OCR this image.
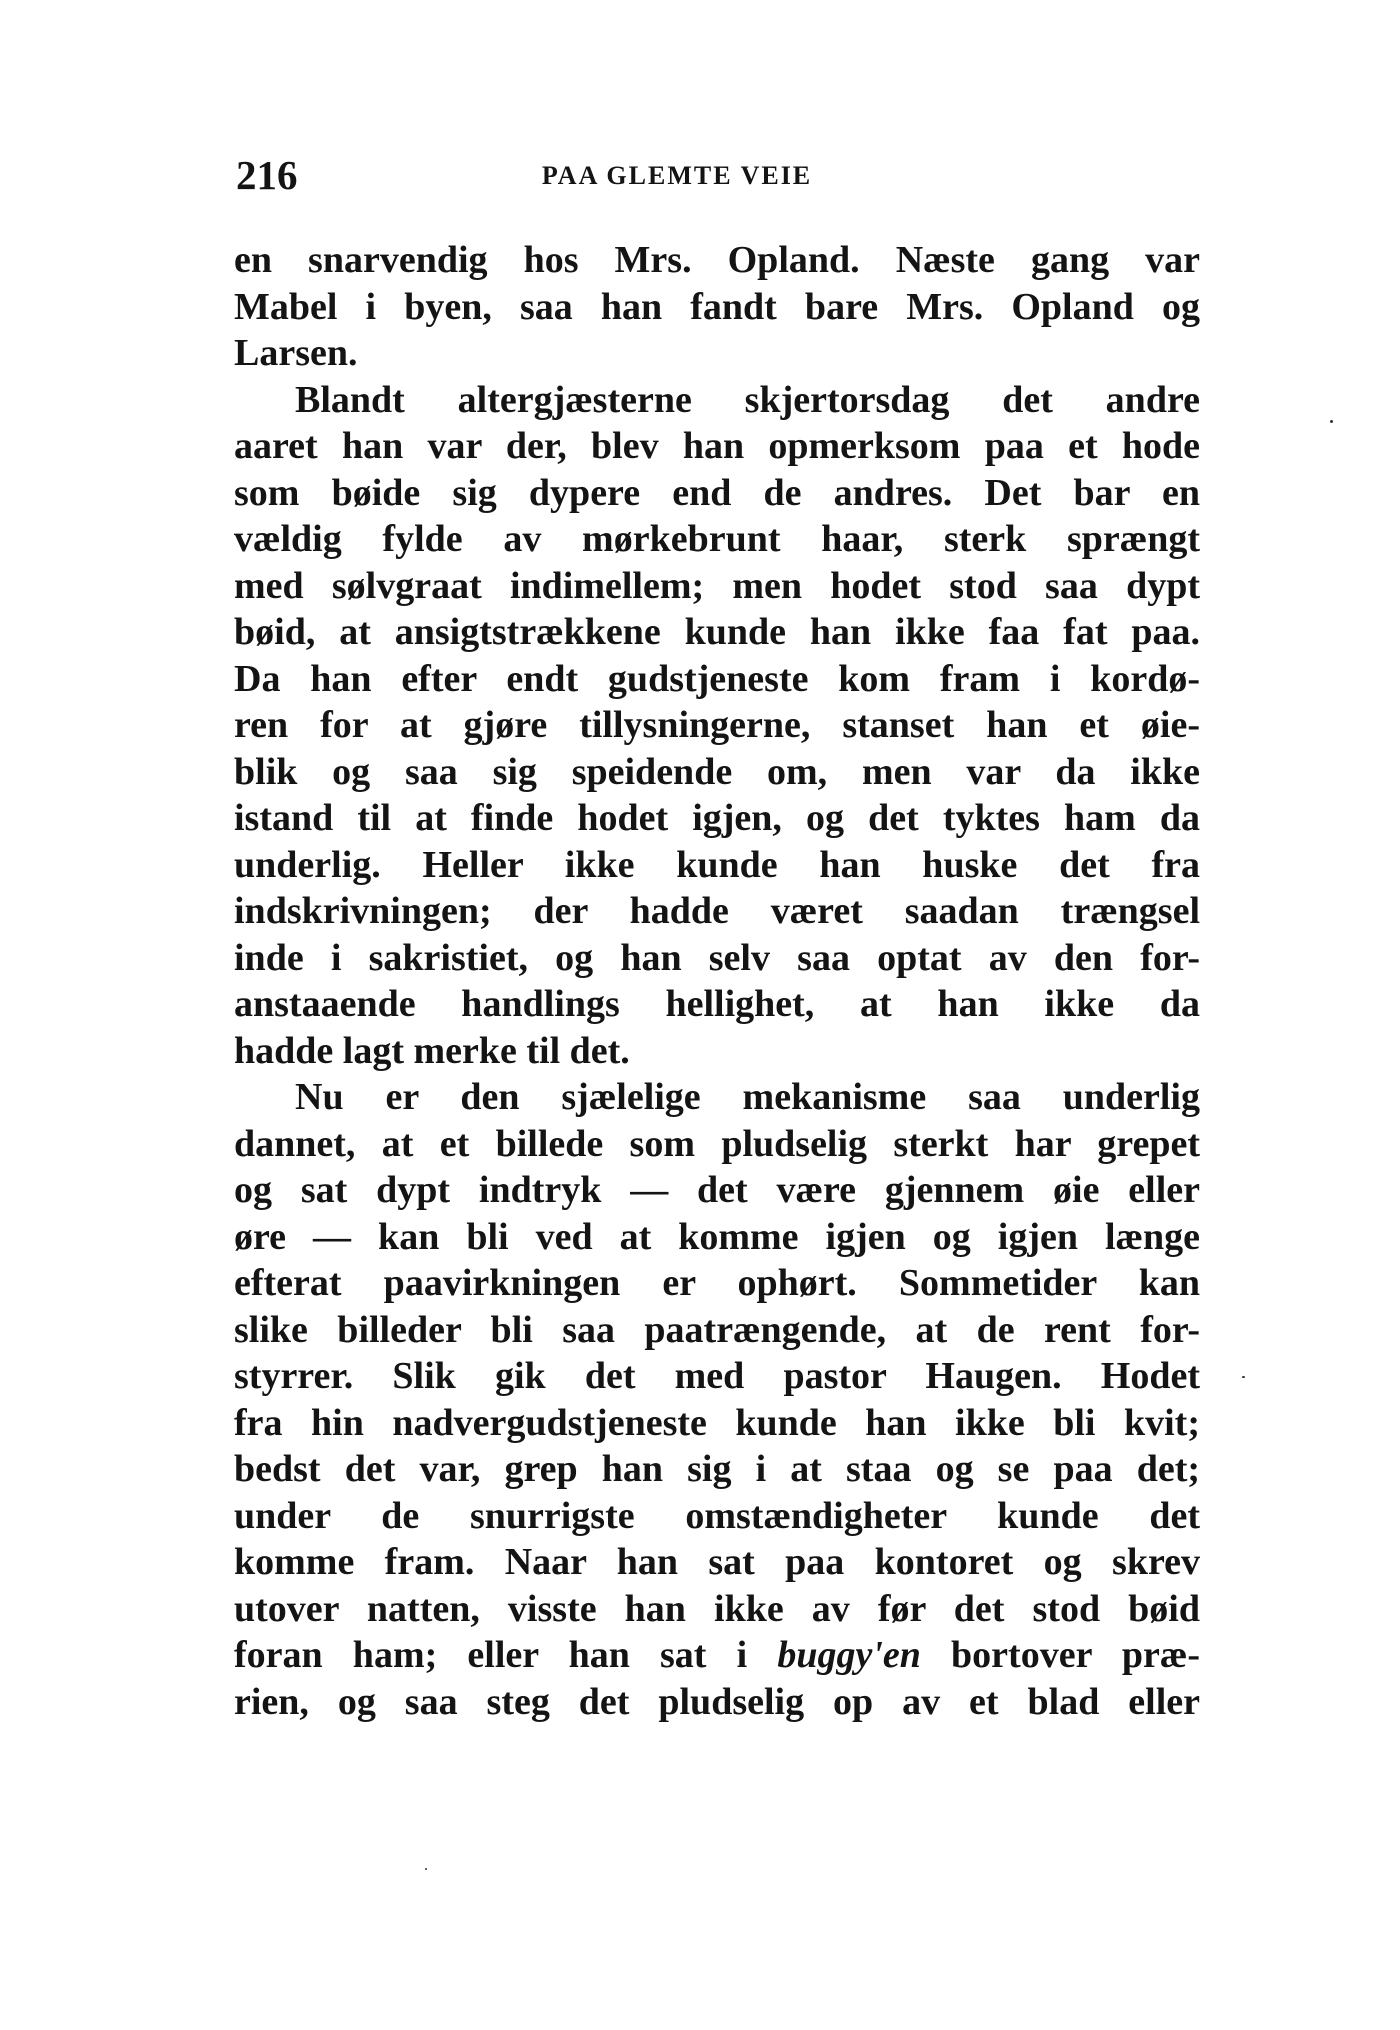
216	PAA GLEMTE VEIE
en snarvendig hos Mrs. Opland. Næste gang var
Mabel i byen, saa han fandt bare Mrs. Opland og
Larsen.
Blandt altergjæsterne skjertorsdag det andre
aaret han var der, blev han opmerksom paa et hode
som bøide sig dypere end de andres. Det bar en
vældig fylde av mørkebrunt haar, sterk sprængt
med sølvgraat indimellem; men hodet stod saa dypt
bøid, at ansigtstrækkene kunde han ikke faa fat paa.
Da han efter endt gudstjeneste kom fram i kordø-
ren for at gjøre tillysningerne, stanset han et øie-
blik og saa sig speidende om, men var da ikke
istand til at finde hodet igjen, og det tyktes ham da
underlig. Heller ikke kunde han huske det fra
indskrivningen; der hadde været saadan trængsel
inde i sakristiet, og han selv saa optat av den for-
anstaaende handlings hellighet, at han ikke da
hadde lagt merke til det.
Nu er den sjælelige mekanisme saa underlig
dannet, at et billede som pludselig sterkt har grepet
og sat dypt indtryk — det være gjennem øie eller
øre — kan bli ved at komme igjen og igjen længe
efterat paavirkningen er ophørt. Sommetider kan
slike billeder bli saa paatrængende, at de rent for-
styrrer. Slik gik det med pastor Haugen. Hodet
fra hin nadvergudstjeneste kunde han ikke bli kvit;
bedst det var, grep han sig i at staa og se paa det;
under de snurrigste omstændigheter kunde det
komme fram. Naar han sat paa kontoret og skrev
utover natten, visste han ikke av før det stod bøid
foran ham; eller han sat i buggy'en bortover præ-
rien, og saa steg det pludselig op av et blad eller
